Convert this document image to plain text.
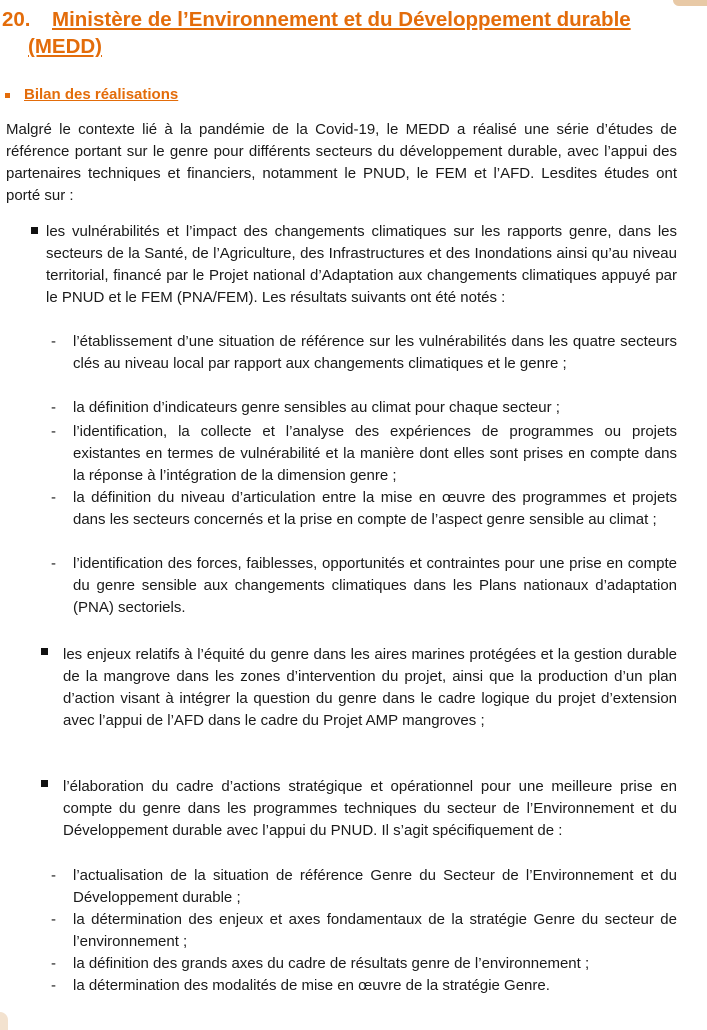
20. Ministère de l’Environnement et du Développement durable
(MEDD)
Bilan des réalisations
Malgré le contexte lié à la pandémie de la Covid-19, le MEDD a réalisé une série d’études de référence portant sur le genre pour différents secteurs du développement durable, avec l’appui des partenaires techniques et financiers, notamment le PNUD, le FEM et l’AFD. Lesdites études ont porté sur :
les vulnérabilités et l’impact des changements climatiques sur les rapports genre, dans les secteurs de la Santé, de l’Agriculture, des Infrastructures et des Inondations ainsi qu’au niveau territorial, financé par le Projet national d’Adaptation aux changements climatiques appuyé par le PNUD et le FEM (PNA/FEM). Les résultats suivants ont été notés :
- l’établissement d’une situation de référence sur les vulnérabilités dans les quatre secteurs clés au niveau local par rapport aux changements climatiques et le genre ;
- la définition d’indicateurs genre sensibles au climat pour chaque secteur ;
- l’identification, la collecte et l’analyse des expériences de programmes ou projets existantes en termes de vulnérabilité et la manière dont elles sont prises en compte dans la réponse à l’intégration de la dimension genre ;
- la définition du niveau d’articulation entre la mise en œuvre des programmes et projets dans les secteurs concernés et la prise en compte de l’aspect genre sensible au climat ;
- l’identification des forces, faiblesses, opportunités et contraintes pour une prise en compte du genre sensible aux changements climatiques dans les Plans nationaux d’adaptation (PNA) sectoriels.
les enjeux relatifs à l’équité du genre dans les aires marines protégées et la gestion durable de la mangrove dans les zones d’intervention du projet, ainsi que la production d’un plan d’action visant à intégrer la question du genre dans le cadre logique du projet d’extension avec l’appui de l’AFD dans le cadre du Projet AMP mangroves ;
l’élaboration du cadre d’actions stratégique et opérationnel pour une meilleure prise en compte du genre dans les programmes techniques du secteur de l’Environnement et du Développement durable avec l’appui du PNUD. Il s’agit spécifiquement de :
- l’actualisation de la situation de référence Genre du Secteur de l’Environnement et du Développement durable ;
- la détermination des enjeux et axes fondamentaux de la stratégie Genre du secteur de l’environnement ;
- la définition des grands axes du cadre de résultats genre de l’environnement ;
- la détermination des modalités de mise en œuvre de la stratégie Genre.
